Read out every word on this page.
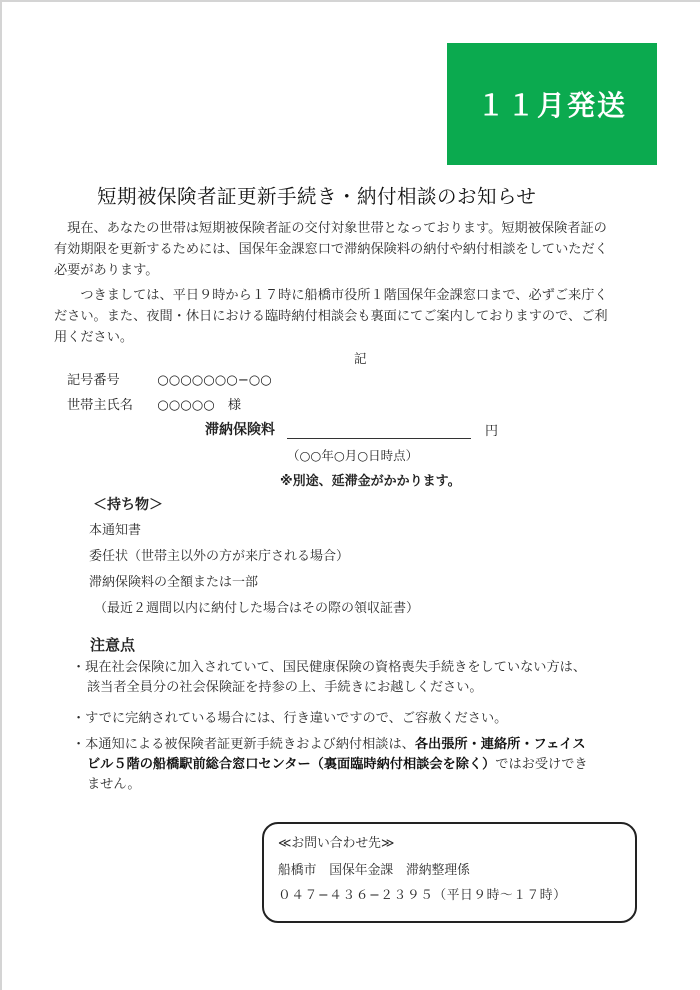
１１月発送
短期被保険者証更新手続き・納付相談のお知らせ
　現在、あなたの世帯は短期被保険者証の交付対象世帯となっております。短期被保険者証の
有効期限を更新するためには、国保年金課窓口で滞納保険料の納付や納付相談をしていただく
必要があります。
　　つきましては、平日９時から１７時に船橋市役所１階国保年金課窓口まで、必ずご来庁く
ださい。また、夜間・休日における臨時納付相談会も裏面にてご案内しておりますので、ご利
用ください。
記
記号番号	○○○○○○○−○○
世帯主氏名 ○○○○○　様
滞納保険料	円
（○○年○月○日時点）
※別途、延滞金がかかります。
＜持ち物＞
本通知書
委任状（世帯主以外の方が来庁される場合）
滞納保険料の全額または一部
（最近２週間以内に納付した場合はその際の領収証書）
注意点
・現在社会保険に加入されていて、国民健康保険の資格喪失手続きをしていない方は、
該当者全員分の社会保険証を持参の上、手続きにお越しください。
・すでに完納されている場合には、行き違いですので、ご容赦ください。
・本通知による被保険者証更新手続きおよび納付相談は、各出張所・連絡所・フェイス
ビル５階の船橋駅前総合窓口センター（裏面臨時納付相談会を除く）ではお受けでき
ません。
≪お問い合わせ先≫
船橋市　国保年金課　滞納整理係
０４７−４３６−２３９５（平日９時〜１７時）
